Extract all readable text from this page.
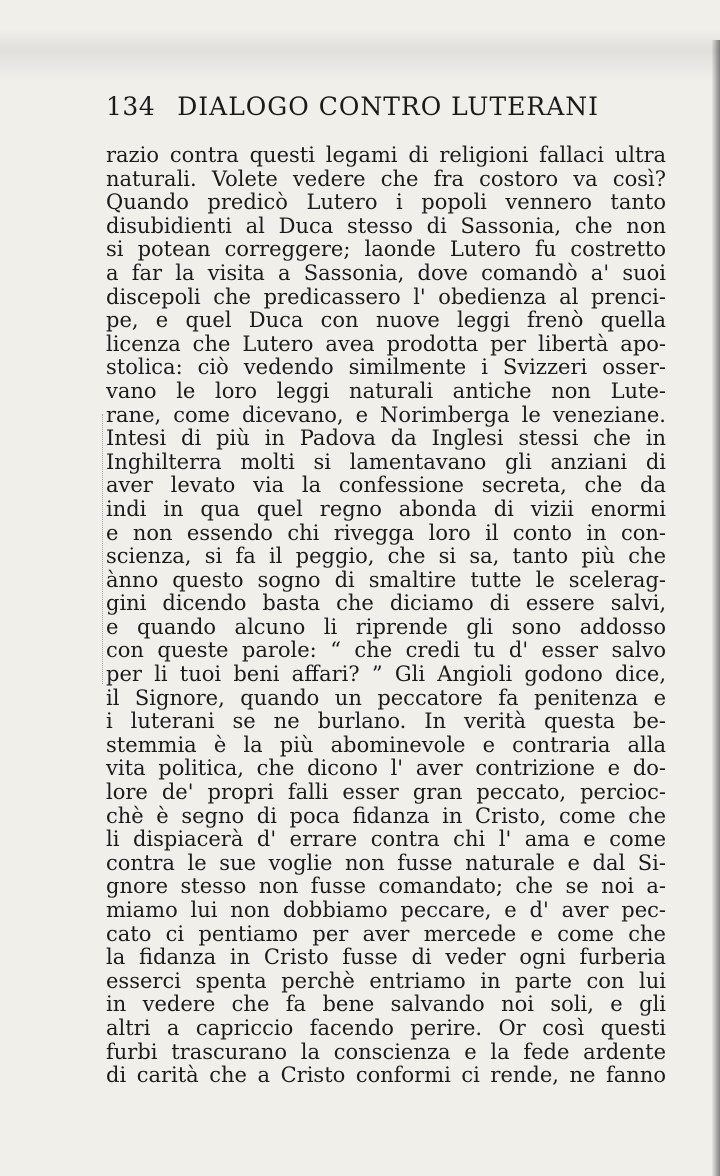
134 DIALOGO CONTRO LUTERANI
razio contra questi legami di religioni fallaci ultra
naturali. Volete vedere che fra costoro va così?
Quando predicò Lutero i popoli vennero tanto
disubidienti al Duca stesso di Sassonia, che non
si potean correggere; laonde Lutero fu costretto
a far la visita a Sassonia, dove comandò a' suoi
discepoli che predicassero l' obedienza al prenci-
pe, e quel Duca con nuove leggi frenò quella
licenza che Lutero avea prodotta per libertà apo-
stolica: ciò vedendo similmente i Svizzeri osser-
vano le loro leggi naturali antiche non Lute-
rane, come dicevano, e Norimberga le veneziane.
Intesi di più in Padova da Inglesi stessi che in
Inghilterra molti si lamentavano gli anziani di
aver levato via la confessione secreta, che da
indi in qua quel regno abonda di vizii enormi
e non essendo chi rivegga loro il conto in con-
scienza, si fa il peggio, che si sa, tanto più che
ànno questo sogno di smaltire tutte le scelerag-
gini dicendo basta che diciamo di essere salvi,
e quando alcuno li riprende gli sono addosso
con queste parole: “ che credi tu d' esser salvo
per li tuoi beni affari? ” Gli Angioli godono dice,
il Signore, quando un peccatore fa penitenza e
i luterani se ne burlano. In verità questa be-
stemmia è la più abominevole e contraria alla
vita politica, che dicono l' aver contrizione e do-
lore de' propri falli esser gran peccato, percioc-
chè è segno di poca fidanza in Cristo, come che
li dispiacerà d' errare contra chi l' ama e come
contra le sue voglie non fusse naturale e dal Si-
gnore stesso non fusse comandato; che se noi a-
miamo lui non dobbiamo peccare, e d' aver pec-
cato ci pentiamo per aver mercede e come che
la fidanza in Cristo fusse di veder ogni furberia
esserci spenta perchè entriamo in parte con lui
in vedere che fa bene salvando noi soli, e gli
altri a capriccio facendo perire. Or così questi
furbi trascurano la conscienza e la fede ardente
di carità che a Cristo conformi ci rende, ne fanno
